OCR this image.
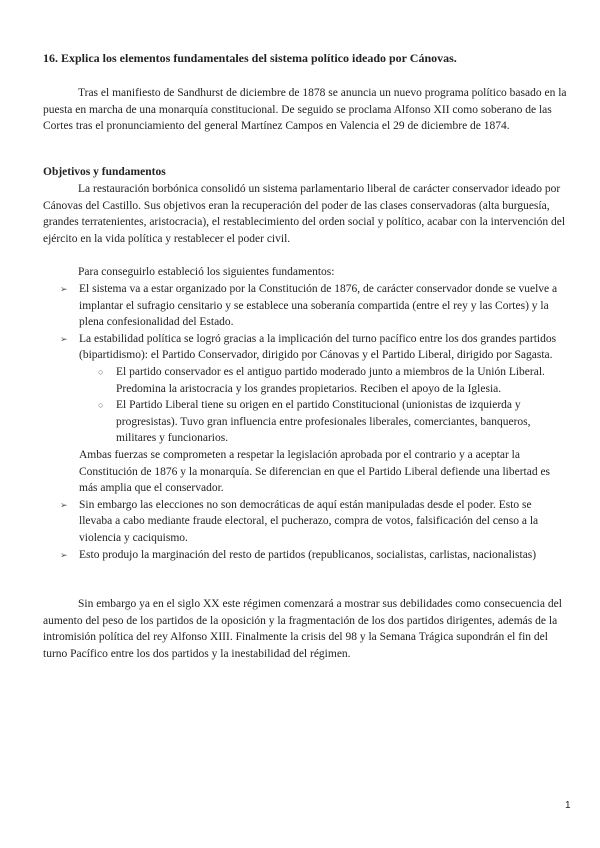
16. Explica los elementos fundamentales del sistema político ideado por Cánovas.

Tras el manifiesto de Sandhurst de diciembre de 1878 se anuncia un nuevo programa político basado en la puesta en marcha de una monarquía constitucional. De seguido se proclama Alfonso XII como soberano de las Cortes tras el pronunciamiento del general Martínez Campos en Valencia el 29 de diciembre de 1874.

Objetivos y fundamentos

La restauración borbónica consolidó un sistema parlamentario liberal de carácter conservador ideado por Cánovas del Castillo. Sus objetivos eran la recuperación del poder de las clases conservadoras (alta burguesía, grandes terratenientes, aristocracia), el restablecimiento del orden social y político, acabar con la intervención del ejército en la vida política y restablecer el poder civil.

Para conseguirlo estableció los siguientes fundamentos:

➢ El sistema va a estar organizado por la Constitución de 1876, de carácter conservador donde se vuelve a implantar el sufragio censitario y se establece una soberanía compartida (entre el rey y las Cortes) y la plena confesionalidad del Estado.
➢ La estabilidad política se logró gracias a la implicación del turno pacífico entre los dos grandes partidos (bipartidismo): el Partido Conservador, dirigido por Cánovas y el Partido Liberal, dirigido por Sagasta.
○ El partido conservador es el antiguo partido moderado junto a miembros de la Unión Liberal. Predomina la aristocracia y los grandes propietarios. Reciben el apoyo de la Iglesia.
○ El Partido Liberal tiene su origen en el partido Constitucional (unionistas de izquierda y progresistas). Tuvo gran influencia entre profesionales liberales, comerciantes, banqueros, militares y funcionarios.
Ambas fuerzas se comprometen a respetar la legislación aprobada por el contrario y a aceptar la Constitución de 1876 y la monarquía. Se diferencian en que el Partido Liberal defiende una libertad es más amplia que el conservador.
➢ Sin embargo las elecciones no son democráticas de aquí están manipuladas desde el poder. Esto se llevaba a cabo mediante fraude electoral, el pucherazo, compra de votos, falsificación del censo a la violencia y caciquismo.
➢ Esto produjo la marginación del resto de partidos (republicanos, socialistas, carlistas, nacionalistas)

Sin embargo ya en el siglo XX este régimen comenzará a mostrar sus debilidades como consecuencia del aumento del peso de los partidos de la oposición y la fragmentación de los dos partidos dirigentes, además de la intromisión política del rey Alfonso XIII. Finalmente la crisis del 98 y la Semana Trágica supondrán el fin del turno Pacífico entre los dos partidos y la inestabilidad del régimen.

1
